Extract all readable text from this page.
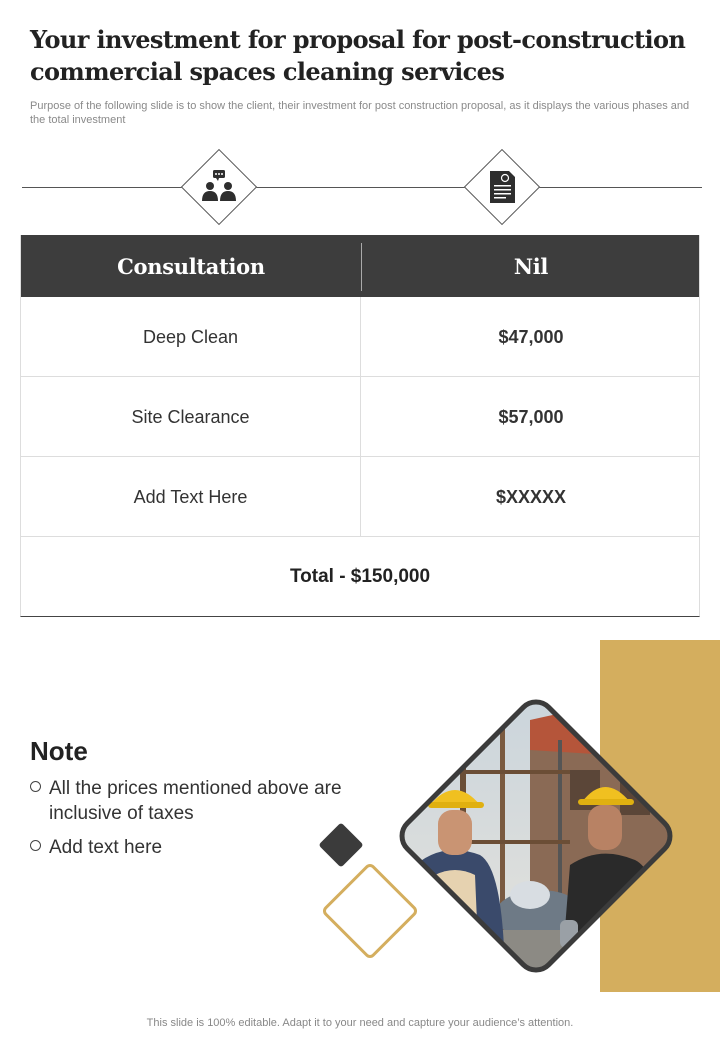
Your investment for proposal for post-construction commercial spaces cleaning services
Purpose of the following slide is to show the client, their investment for post construction proposal, as it displays the various phases and the total investment
Consultation	Nil
Deep Clean	$47,000
Site Clearance	$57,000
Add Text Here	$XXXXX
Total - $150,000
Note
All the prices mentioned above are inclusive of taxes
Add text here
This slide is 100% editable. Adapt it to your need and capture your audience’s attention.
